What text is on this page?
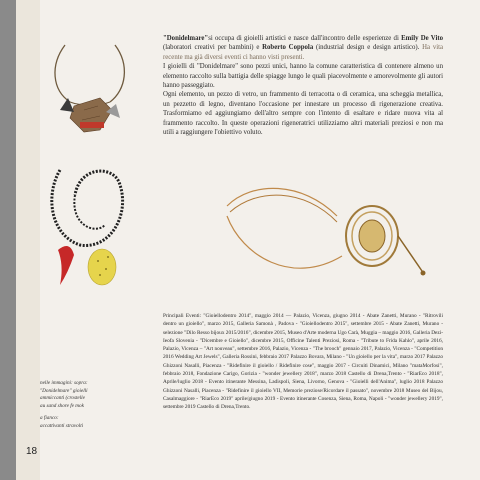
nelle immagini: sopra:
"Donidelmare" gioielli
ammiccanti (crostelle
au sand shore fe mok
a fianco:
accattivanti stravolti

"Donidelmare"si occupa di gioielli artistici e nasce dall'incontro delle esperienze di Emily De Vito (laboratori creativi per bambini) e Roberto Coppola (industrial design e design artistico). Ha vita recente ma già diversi eventi ci hanno visti presenti.

I gioielli di "Donidelmare" sono pezzi unici, hanno la comune caratteristica di contenere almeno un elemento raccolto sulla battigia delle spiagge lungo le quali piacevolmente e amorevolmente gli autori hanno passeggiato.

Ogni elemento, un pezzo di vetro, un frammento di terracotta o di ceramica, una scheggia metallica, un pezzetto di legno, diventano l'occasione per innestare un processo di rigenerazione creativa. Trasformiamo ed aggiungiamo dell'altro sempre con l'intento di esaltare e ridare nuova vita al frammento raccolto. In queste operazioni rigeneratrici utilizziamo altri materiali preziosi e non ma utili a raggiungere l'obiettivo voluto.

Principali Eventi: "Gioiellodentro 2014", maggio 2014 — Palazio, Vicenza, giugno 2014 - Abate Zanetti, Murano - "Ritrovili dentro un gioiello", marzo 2015, Galleria Samonà , Padova - "Gioiellodentro 2015", settembre 2015 - Abate Zanetti, Murano - selezione "Dilo Resso bijoux 2015/2016", dicembre 2015, Museo d'Arte moderna Ugo Carà, Muggia – maggio 2016, Galleria Dezi-Ieofa Slovenia - "Dicembre e Gioiello", dicembre 2015, Officine Talenti Preziosi, Roma - "Tribute to Frida Kahlo", aprile 2016, Palazio, Vicenza – "Art nouveau", settembre 2016, Palazio, Vicenza - "The brooch" gennaio 2017, Palazio, Vicenza - "Competition 2016 Wedding Art Jewels", Galleria Rossini, febbraio 2017 Palazzo Bovara, Milano - "Un gioiello per la vita", marzo 2017 Palazzo Ghizzoni Nasalli, Piacenza - "Ridefinire il gioiello / Ridefinire cose", maggio 2017 - Circuiti Dinamici, Milano "mataMorfosi", febbraio 2018, Fondazione Carigo, Gorizia - "wonder jewellery 2018", marzo 2018 Castello di Drena,Trento - "RiarEco 2018", Aprile/luglio 2018 - Evento itinerante Messina, Ladispoli, Siena, Livorno, Genova - "Gioielli dell'Anima", luglio 2018 Palazzo Ghizzoni Nasalli, Piacenza - "Ridefinire il gioiello VII, Memorie preziose/Ricordare il passato", novembre 2018 Museo del Bijou, Casalmaggiore - "RiarEco 2019" aprile/giugno 2019 - Evento itinerante Cosenza, Siena, Roma, Napoli - "wonder jewellery 2019", settembre 2019 Castello di Drena,Trento.
18
